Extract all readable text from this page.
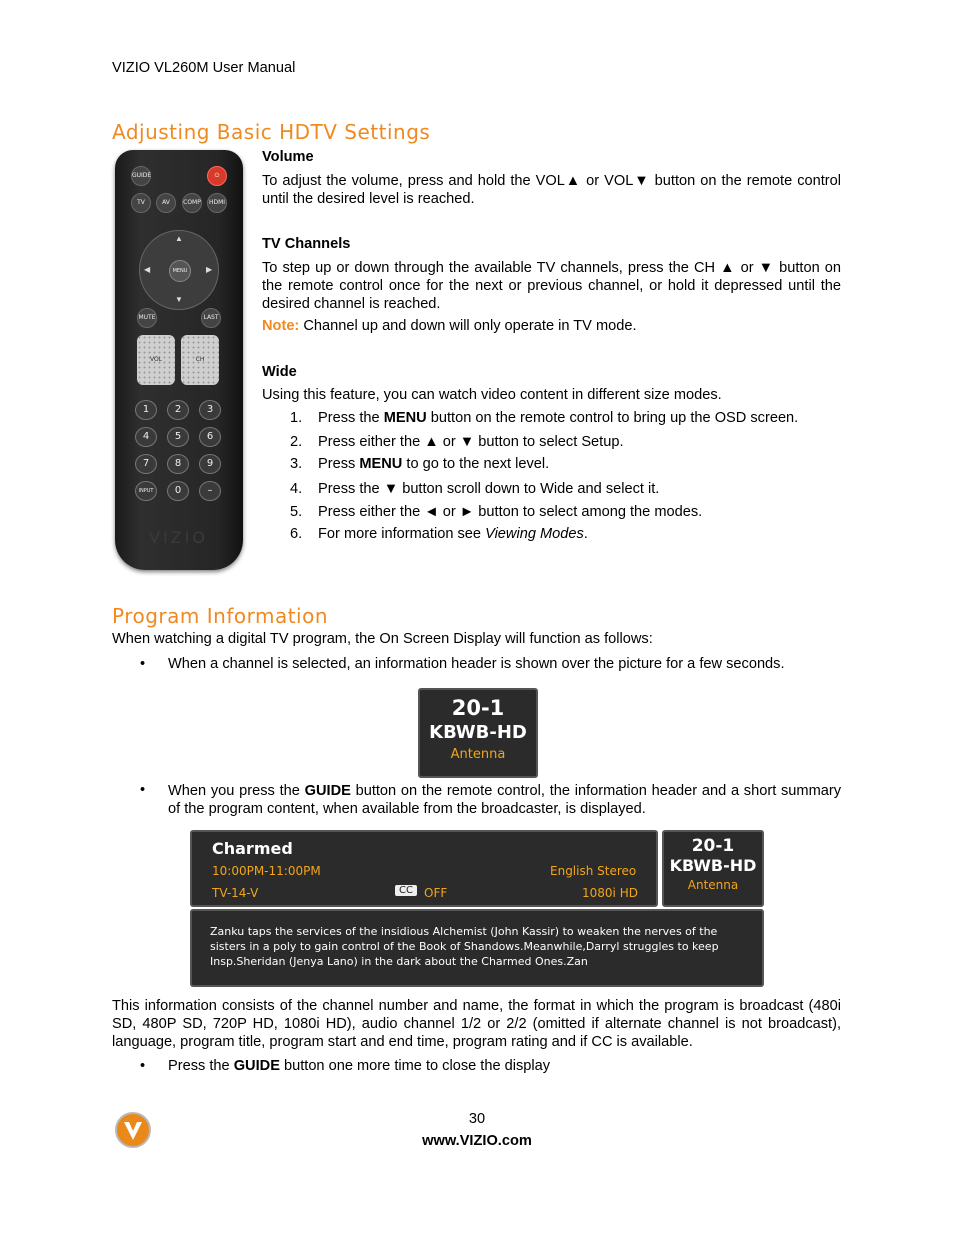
VIZIO VL260M User Manual
Adjusting Basic HDTV Settings
GUIDE	⏻
TV	AV	COMP	HDMI
▲
▼
◀	▶
MENU
MUTE	LAST
VOL	CH
1	2	3
4	5	6
7	8	9
INPUT	0	–
VIZIO
Volume
To adjust the volume, press and hold the VOL▲ or VOL▼ button on the remote control until the desired level is reached.
TV Channels
To step up or down through the available TV channels, press the CH ▲ or ▼ button on the remote control once for the next or previous channel, or hold it depressed until the desired channel is reached.
Note: Channel up and down will only operate in TV mode.
Wide
Using this feature, you can watch video content in different size modes.
1. Press the MENU button on the remote control to bring up the OSD screen.
2. Press either the ▲ or ▼ button to select Setup.
3. Press MENU to go to the next level.
4. Press the ▼ button scroll down to Wide and select it.
5. Press either the ◄ or ► button to select among the modes.
6. For more information see Viewing Modes.
Program Information
When watching a digital TV program, the On Screen Display will function as follows:
• When a channel is selected, an information header is shown over the picture for a few seconds.
20-1
KBWB-HD
Antenna
• When you press the GUIDE button on the remote control, the information header and a short summary of the program content, when available from the broadcaster, is displayed.
Charmed
10:00PM-11:00PM	English Stereo
TV-14-V	CC OFF	1080i HD
20-1
KBWB-HD
Antenna
Zanku taps the services of the insidious Alchemist (John Kassir) to weaken the nerves of the sisters in a poly to gain control of the Book of Shandows.Meanwhile,Darryl struggles to keep Insp.Sheridan (Jenya Lano) in the dark about the Charmed Ones.Zan
This information consists of the channel number and name, the format in which the program is broadcast (480i SD, 480P SD, 720P HD, 1080i HD), audio channel 1/2 or 2/2 (omitted if alternate channel is not broadcast), language, program title, program start and end time, program rating and if CC is available.
• Press the GUIDE button one more time to close the display
30
www.VIZIO.com
